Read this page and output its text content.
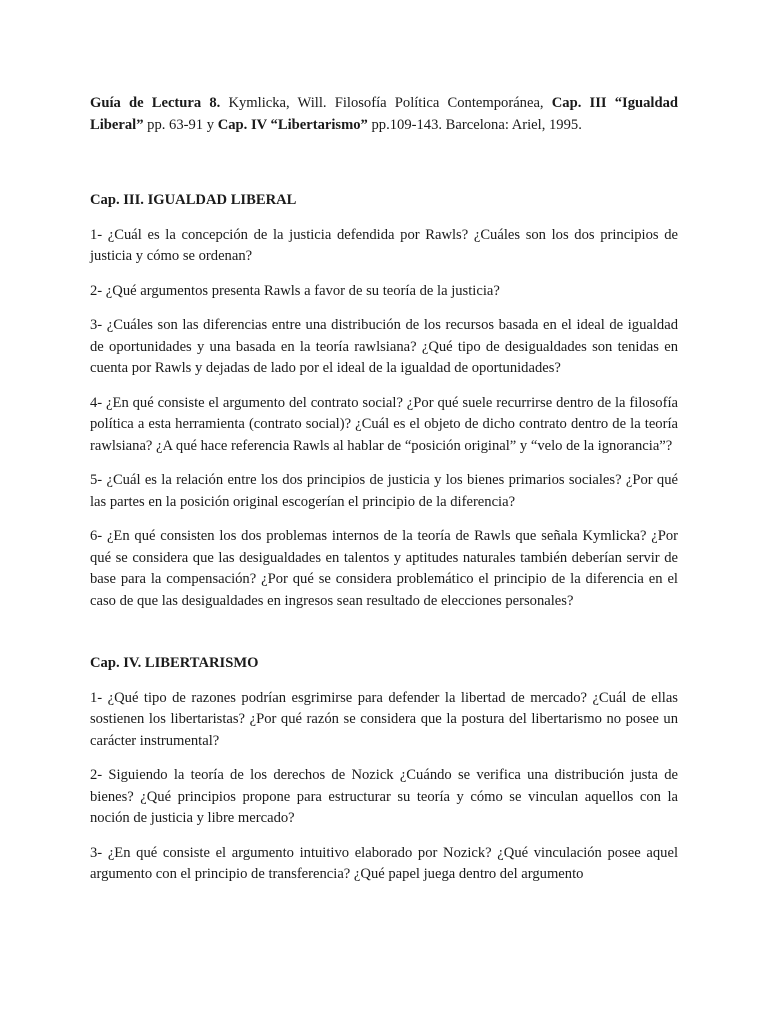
Guía de Lectura 8. Kymlicka, Will. Filosofía Política Contemporánea, Cap. III “Igualdad Liberal” pp. 63-91 y Cap. IV “Libertarismo” pp.109-143. Barcelona: Ariel, 1995.

Cap. III. IGUALDAD LIBERAL

1- ¿Cuál es la concepción de la justicia defendida por Rawls? ¿Cuáles son los dos principios de justicia y cómo se ordenan?

2- ¿Qué argumentos presenta Rawls a favor de su teoría de la justicia?

3- ¿Cuáles son las diferencias entre una distribución de los recursos basada en el ideal de igualdad de oportunidades y una basada en la teoría rawlsiana? ¿Qué tipo de desigualdades son tenidas en cuenta por Rawls y dejadas de lado por el ideal de la igualdad de oportunidades?

4- ¿En qué consiste el argumento del contrato social? ¿Por qué suele recurrirse dentro de la filosofía política a esta herramienta (contrato social)? ¿Cuál es el objeto de dicho contrato dentro de la teoría rawlsiana? ¿A qué hace referencia Rawls al hablar de “posición original” y “velo de la ignorancia”?

5- ¿Cuál es la relación entre los dos principios de justicia y los bienes primarios sociales? ¿Por qué las partes en la posición original escogerían el principio de la diferencia?

6- ¿En qué consisten los dos problemas internos de la teoría de Rawls que señala Kymlicka? ¿Por qué se considera que las desigualdades en talentos y aptitudes naturales también deberían servir de base para la compensación? ¿Por qué se considera problemático el principio de la diferencia en el caso de que las desigualdades en ingresos sean resultado de elecciones personales?

Cap. IV. LIBERTARISMO

1- ¿Qué tipo de razones podrían esgrimirse para defender la libertad de mercado? ¿Cuál de ellas sostienen los libertaristas? ¿Por qué razón se considera que la postura del libertarismo no posee un carácter instrumental?

2- Siguiendo la teoría de los derechos de Nozick ¿Cuándo se verifica una distribución justa de bienes? ¿Qué principios propone para estructurar su teoría y cómo se vinculan aquellos con la noción de justicia y libre mercado?

3- ¿En qué consiste el argumento intuitivo elaborado por Nozick? ¿Qué vinculación posee aquel argumento con el principio de transferencia? ¿Qué papel juega dentro del argumento
